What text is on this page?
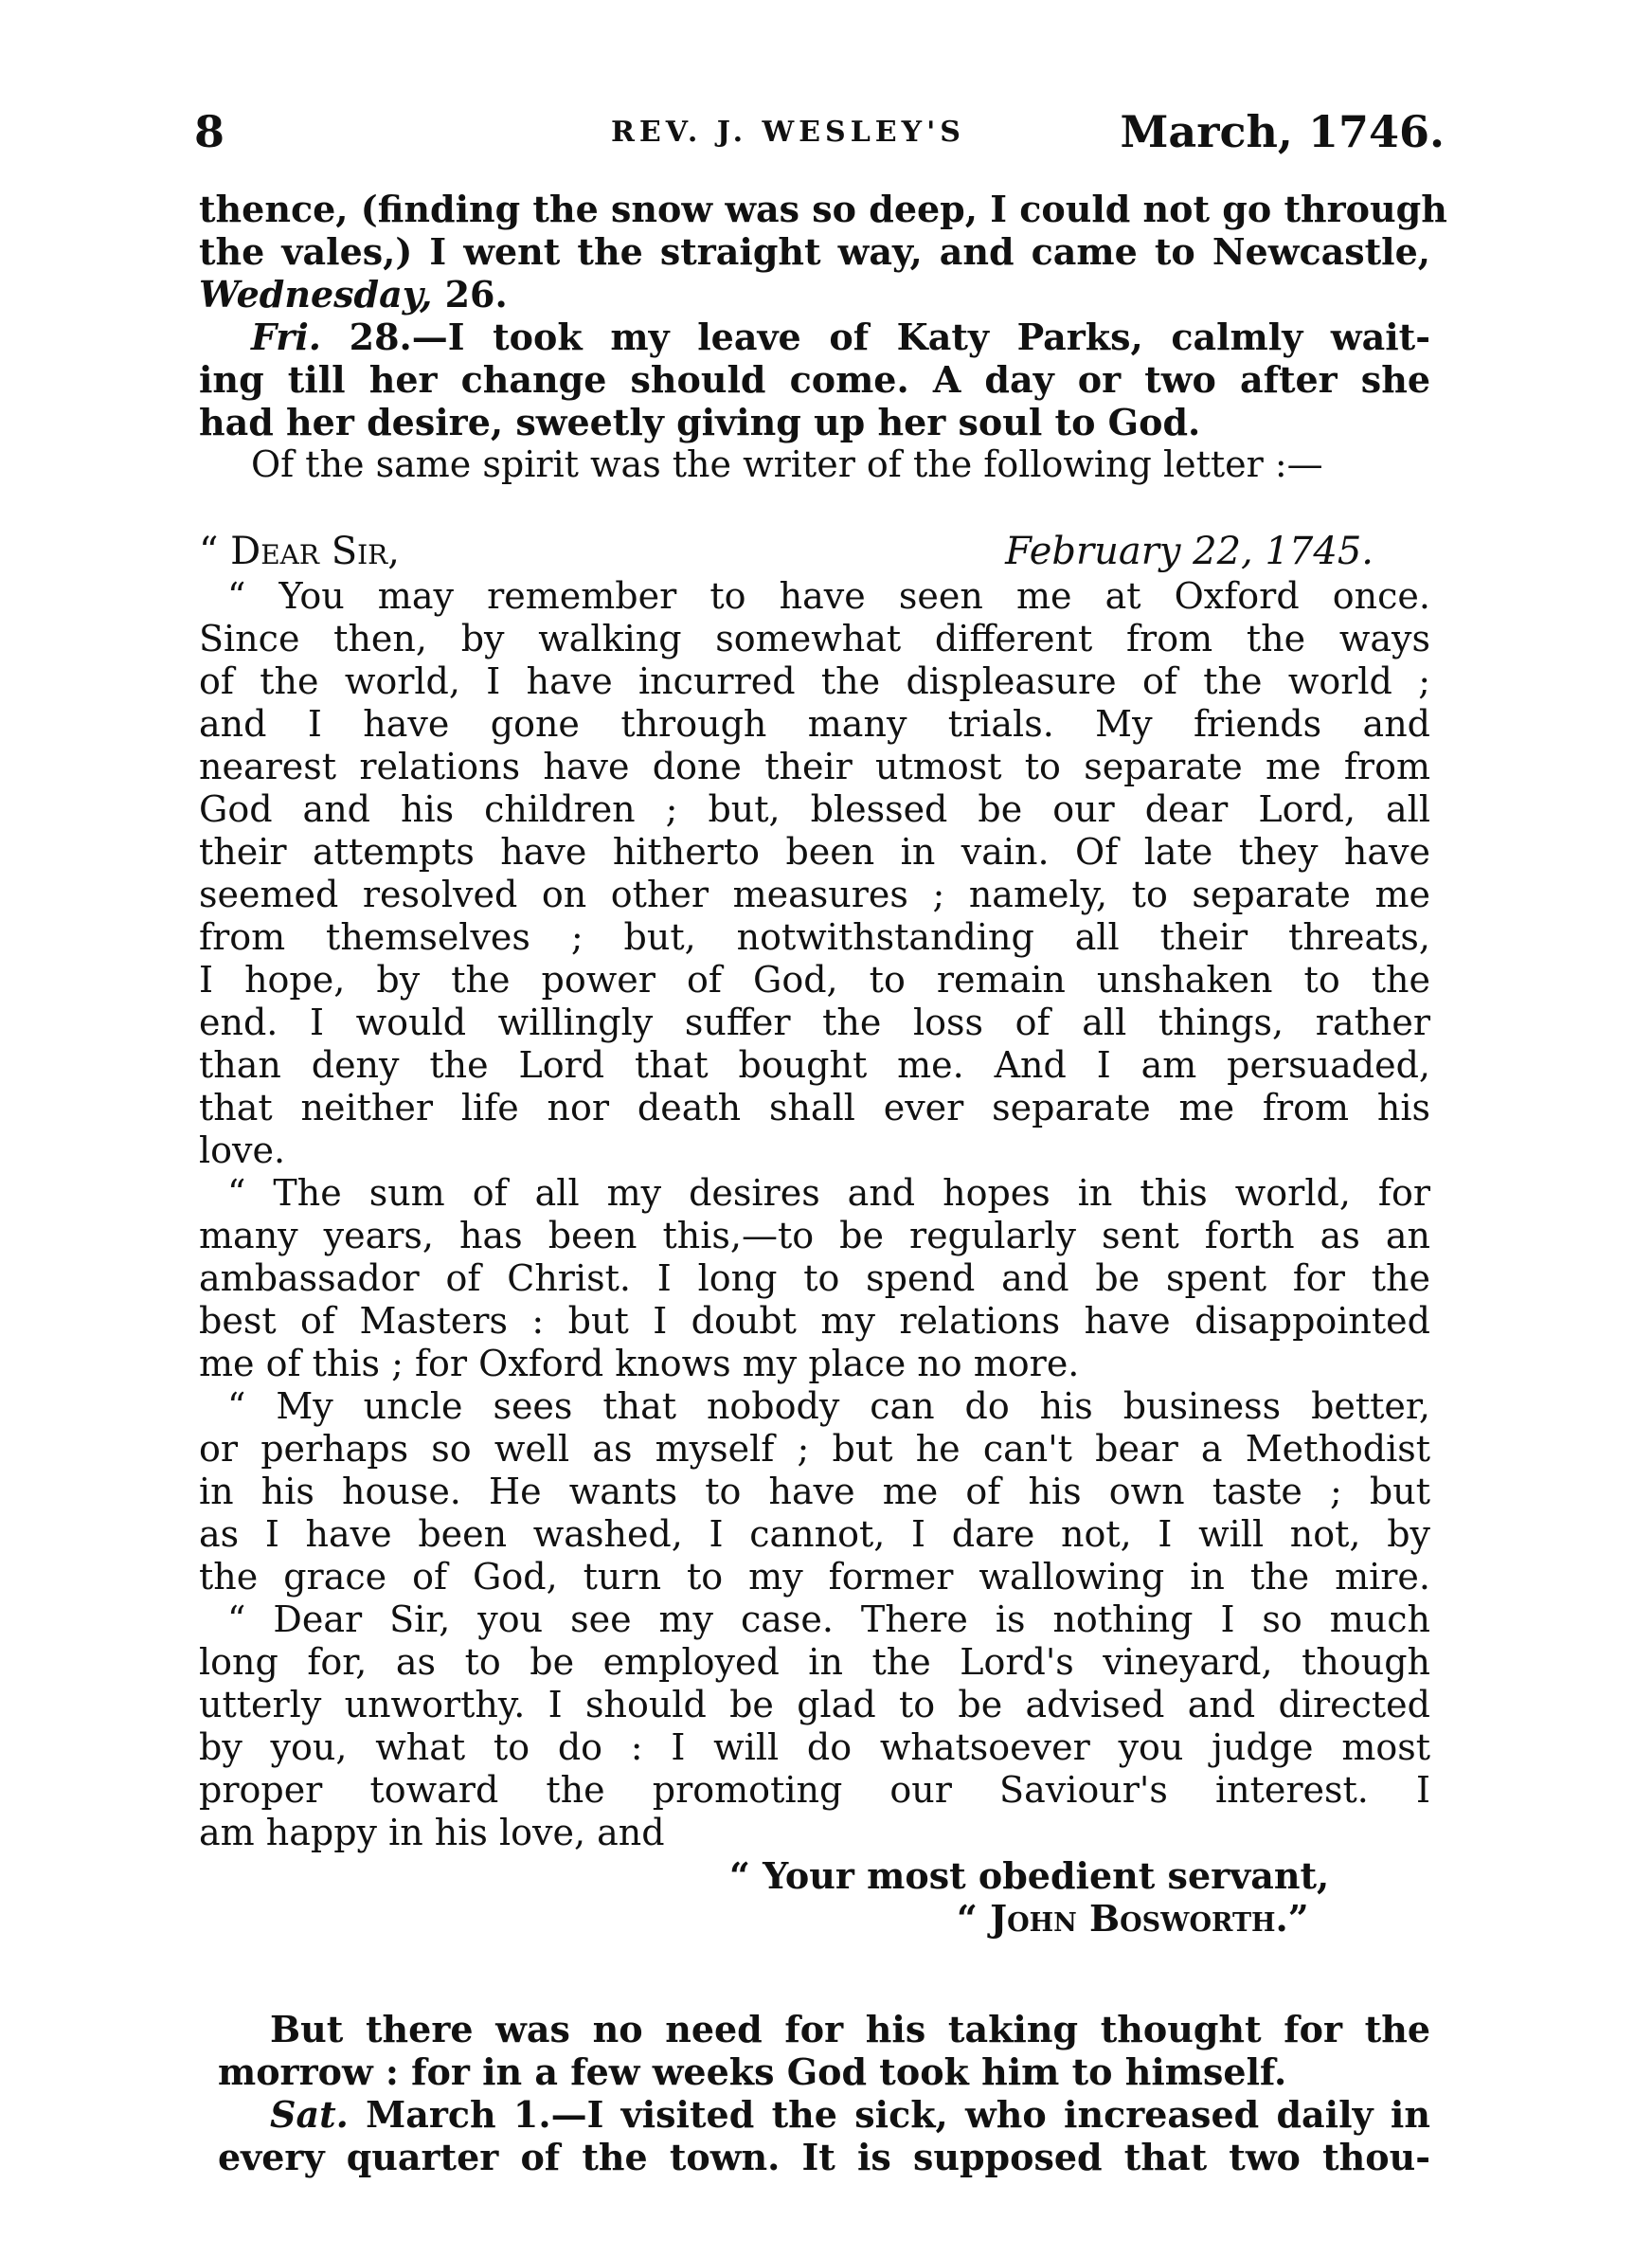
8	REV. J. WESLEY'S	March, 1746.
thence, (finding the snow was so deep, I could not go through
the vales,) I went the straight way, and came to Newcastle,
Wednesday, 26.
Fri. 28.—I took my leave of Katy Parks, calmly wait-
ing till her change should come. A day or two after she
had her desire, sweetly giving up her soul to God.
Of the same spirit was the writer of the following letter :—
“ Dear Sir,	February 22, 1745.
“ You may remember to have seen me at Oxford once.
Since then, by walking somewhat different from the ways
of the world, I have incurred the displeasure of the world ;
and I have gone through many trials. My friends and
nearest relations have done their utmost to separate me from
God and his children ; but, blessed be our dear Lord, all
their attempts have hitherto been in vain. Of late they have
seemed resolved on other measures ; namely, to separate me
from themselves ; but, notwithstanding all their threats,
I hope, by the power of God, to remain unshaken to the
end. I would willingly suffer the loss of all things, rather
than deny the Lord that bought me. And I am persuaded,
that neither life nor death shall ever separate me from his
love.
“ The sum of all my desires and hopes in this world, for
many years, has been this,—to be regularly sent forth as an
ambassador of Christ. I long to spend and be spent for the
best of Masters : but I doubt my relations have disappointed
me of this ; for Oxford knows my place no more.
“ My uncle sees that nobody can do his business better,
or perhaps so well as myself ; but he can't bear a Methodist
in his house. He wants to have me of his own taste ; but
as I have been washed, I cannot, I dare not, I will not, by
the grace of God, turn to my former wallowing in the mire.
“ Dear Sir, you see my case. There is nothing I so much
long for, as to be employed in the Lord's vineyard, though
utterly unworthy. I should be glad to be advised and directed
by you, what to do : I will do whatsoever you judge most
proper toward the promoting our Saviour's interest. I
am happy in his love, and
“ Your most obedient servant,
“ John Bosworth.”
But there was no need for his taking thought for the
morrow : for in a few weeks God took him to himself.
Sat. March 1.—I visited the sick, who increased daily in
every quarter of the town. It is supposed that two thou-
